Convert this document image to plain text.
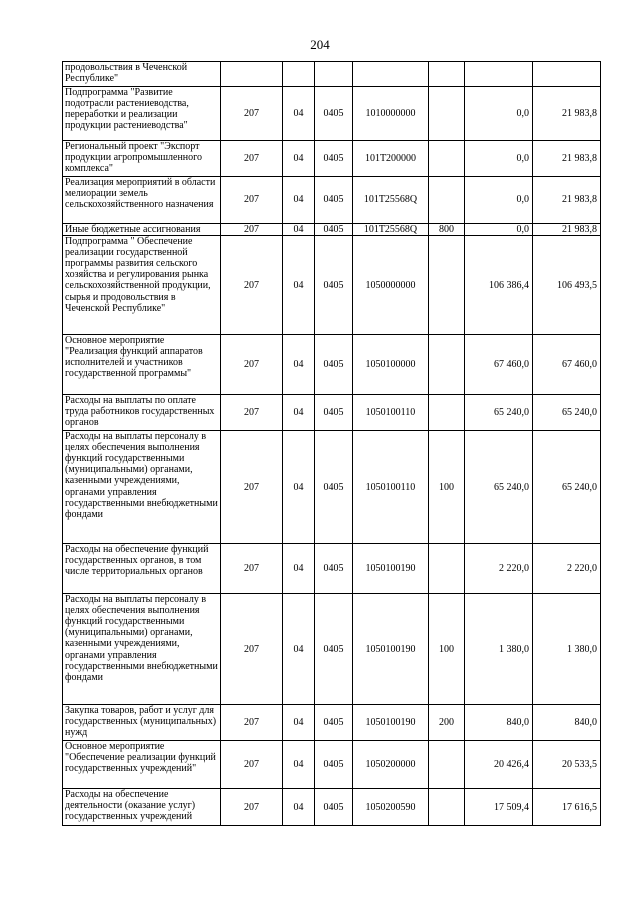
204
продовольствия в Чеченской Республике"							
Подпрограмма "Развитие подотрасли растениеводства, переработки и реализации продукции растениеводства"	207	04	0405	1010000000		0,0	21 983,8
Региональный проект "Экспорт продукции агропромышленного комплекса"	207	04	0405	101T200000		0,0	21 983,8
Реализация мероприятий в области мелиорации земель сельскохозяйственного назначения	207	04	0405	101T25568Q		0,0	21 983,8
Иные бюджетные ассигнования	207	04	0405	101T25568Q	800	0,0	21 983,8
Подпрограмма " Обеспечение реализации государственной программы развития сельского хозяйства и регулирования рынка сельскохозяйственной продукции, сырья и продовольствия в Чеченской Республике"	207	04	0405	1050000000		106 386,4	106 493,5
Основное мероприятие "Реализация функций аппаратов исполнителей и участников государственной программы"	207	04	0405	1050100000		67 460,0	67 460,0
Расходы на выплаты по оплате труда работников государственных органов	207	04	0405	1050100110		65 240,0	65 240,0
Расходы на выплаты персоналу в целях обеспечения выполнения функций государственными (муниципальными) органами, казенными учреждениями, органами управления государственными внебюджетными фондами	207	04	0405	1050100110	100	65 240,0	65 240,0
Расходы на обеспечение функций государственных органов, в том числе территориальных органов	207	04	0405	1050100190		2 220,0	2 220,0
Расходы на выплаты персоналу в целях обеспечения выполнения функций государственными (муниципальными) органами, казенными учреждениями, органами управления государственными внебюджетными фондами	207	04	0405	1050100190	100	1 380,0	1 380,0
Закупка товаров, работ и услуг для государственных (муниципальных) нужд	207	04	0405	1050100190	200	840,0	840,0
Основное мероприятие "Обеспечение реализации функций государственных учреждений"	207	04	0405	1050200000		20 426,4	20 533,5
Расходы на обеспечение деятельности (оказание услуг) государственных учреждений	207	04	0405	1050200590		17 509,4	17 616,5
